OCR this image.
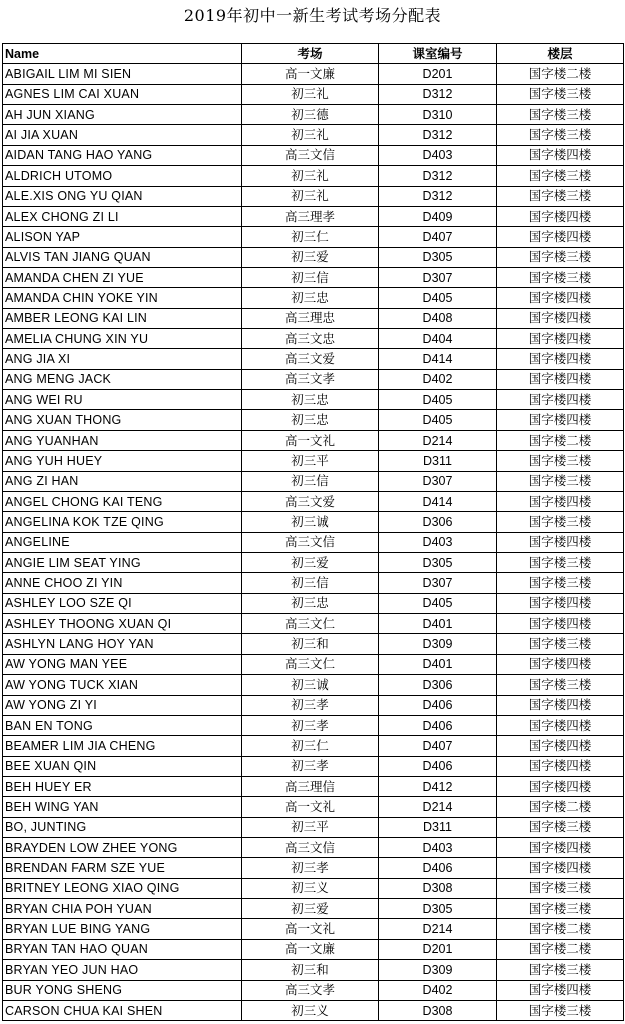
2019年初中一新生考试考场分配表
Name	考场	课室编号	楼层
ABIGAIL LIM MI SIEN	高一文廉	D201	国字楼二楼
AGNES LIM CAI XUAN	初三礼	D312	国字楼三楼
AH JUN XIANG	初三德	D310	国字楼三楼
AI JIA XUAN	初三礼	D312	国字楼三楼
AIDAN TANG HAO YANG	高三文信	D403	国字楼四楼
ALDRICH UTOMO	初三礼	D312	国字楼三楼
ALE.XIS ONG YU QIAN	初三礼	D312	国字楼三楼
ALEX CHONG ZI LI	高三理孝	D409	国字楼四楼
ALISON YAP	初三仁	D407	国字楼四楼
ALVIS TAN JIANG QUAN	初三爱	D305	国字楼三楼
AMANDA CHEN ZI YUE	初三信	D307	国字楼三楼
AMANDA CHIN YOKE YIN	初三忠	D405	国字楼四楼
AMBER LEONG KAI LIN	高三理忠	D408	国字楼四楼
AMELIA CHUNG XIN YU	高三文忠	D404	国字楼四楼
ANG JIA XI	高三文爱	D414	国字楼四楼
ANG MENG JACK	高三文孝	D402	国字楼四楼
ANG WEI RU	初三忠	D405	国字楼四楼
ANG XUAN THONG	初三忠	D405	国字楼四楼
ANG YUANHAN	高一文礼	D214	国字楼二楼
ANG YUH HUEY	初三平	D311	国字楼三楼
ANG ZI HAN	初三信	D307	国字楼三楼
ANGEL CHONG KAI TENG	高三文爱	D414	国字楼四楼
ANGELINA KOK TZE QING	初三诚	D306	国字楼三楼
ANGELINE	高三文信	D403	国字楼四楼
ANGIE LIM SEAT YING	初三爱	D305	国字楼三楼
ANNE CHOO ZI YIN	初三信	D307	国字楼三楼
ASHLEY LOO SZE QI	初三忠	D405	国字楼四楼
ASHLEY THOONG XUAN QI	高三文仁	D401	国字楼四楼
ASHLYN LANG HOY YAN	初三和	D309	国字楼三楼
AW YONG MAN YEE	高三文仁	D401	国字楼四楼
AW YONG TUCK XIAN	初三诚	D306	国字楼三楼
AW YONG ZI YI	初三孝	D406	国字楼四楼
BAN EN TONG	初三孝	D406	国字楼四楼
BEAMER LIM JIA CHENG	初三仁	D407	国字楼四楼
BEE XUAN QIN	初三孝	D406	国字楼四楼
BEH HUEY ER	高三理信	D412	国字楼四楼
BEH WING YAN	高一文礼	D214	国字楼二楼
BO, JUNTING	初三平	D311	国字楼三楼
BRAYDEN LOW ZHEE YONG	高三文信	D403	国字楼四楼
BRENDAN FARM SZE YUE	初三孝	D406	国字楼四楼
BRITNEY LEONG XIAO QING	初三义	D308	国字楼三楼
BRYAN CHIA POH YUAN	初三爱	D305	国字楼三楼
BRYAN LUE BING YANG	高一文礼	D214	国字楼二楼
BRYAN TAN HAO QUAN	高一文廉	D201	国字楼二楼
BRYAN YEO JUN HAO	初三和	D309	国字楼三楼
BUR YONG SHENG	高三文孝	D402	国字楼四楼
CARSON CHUA KAI SHEN	初三义	D308	国字楼三楼
